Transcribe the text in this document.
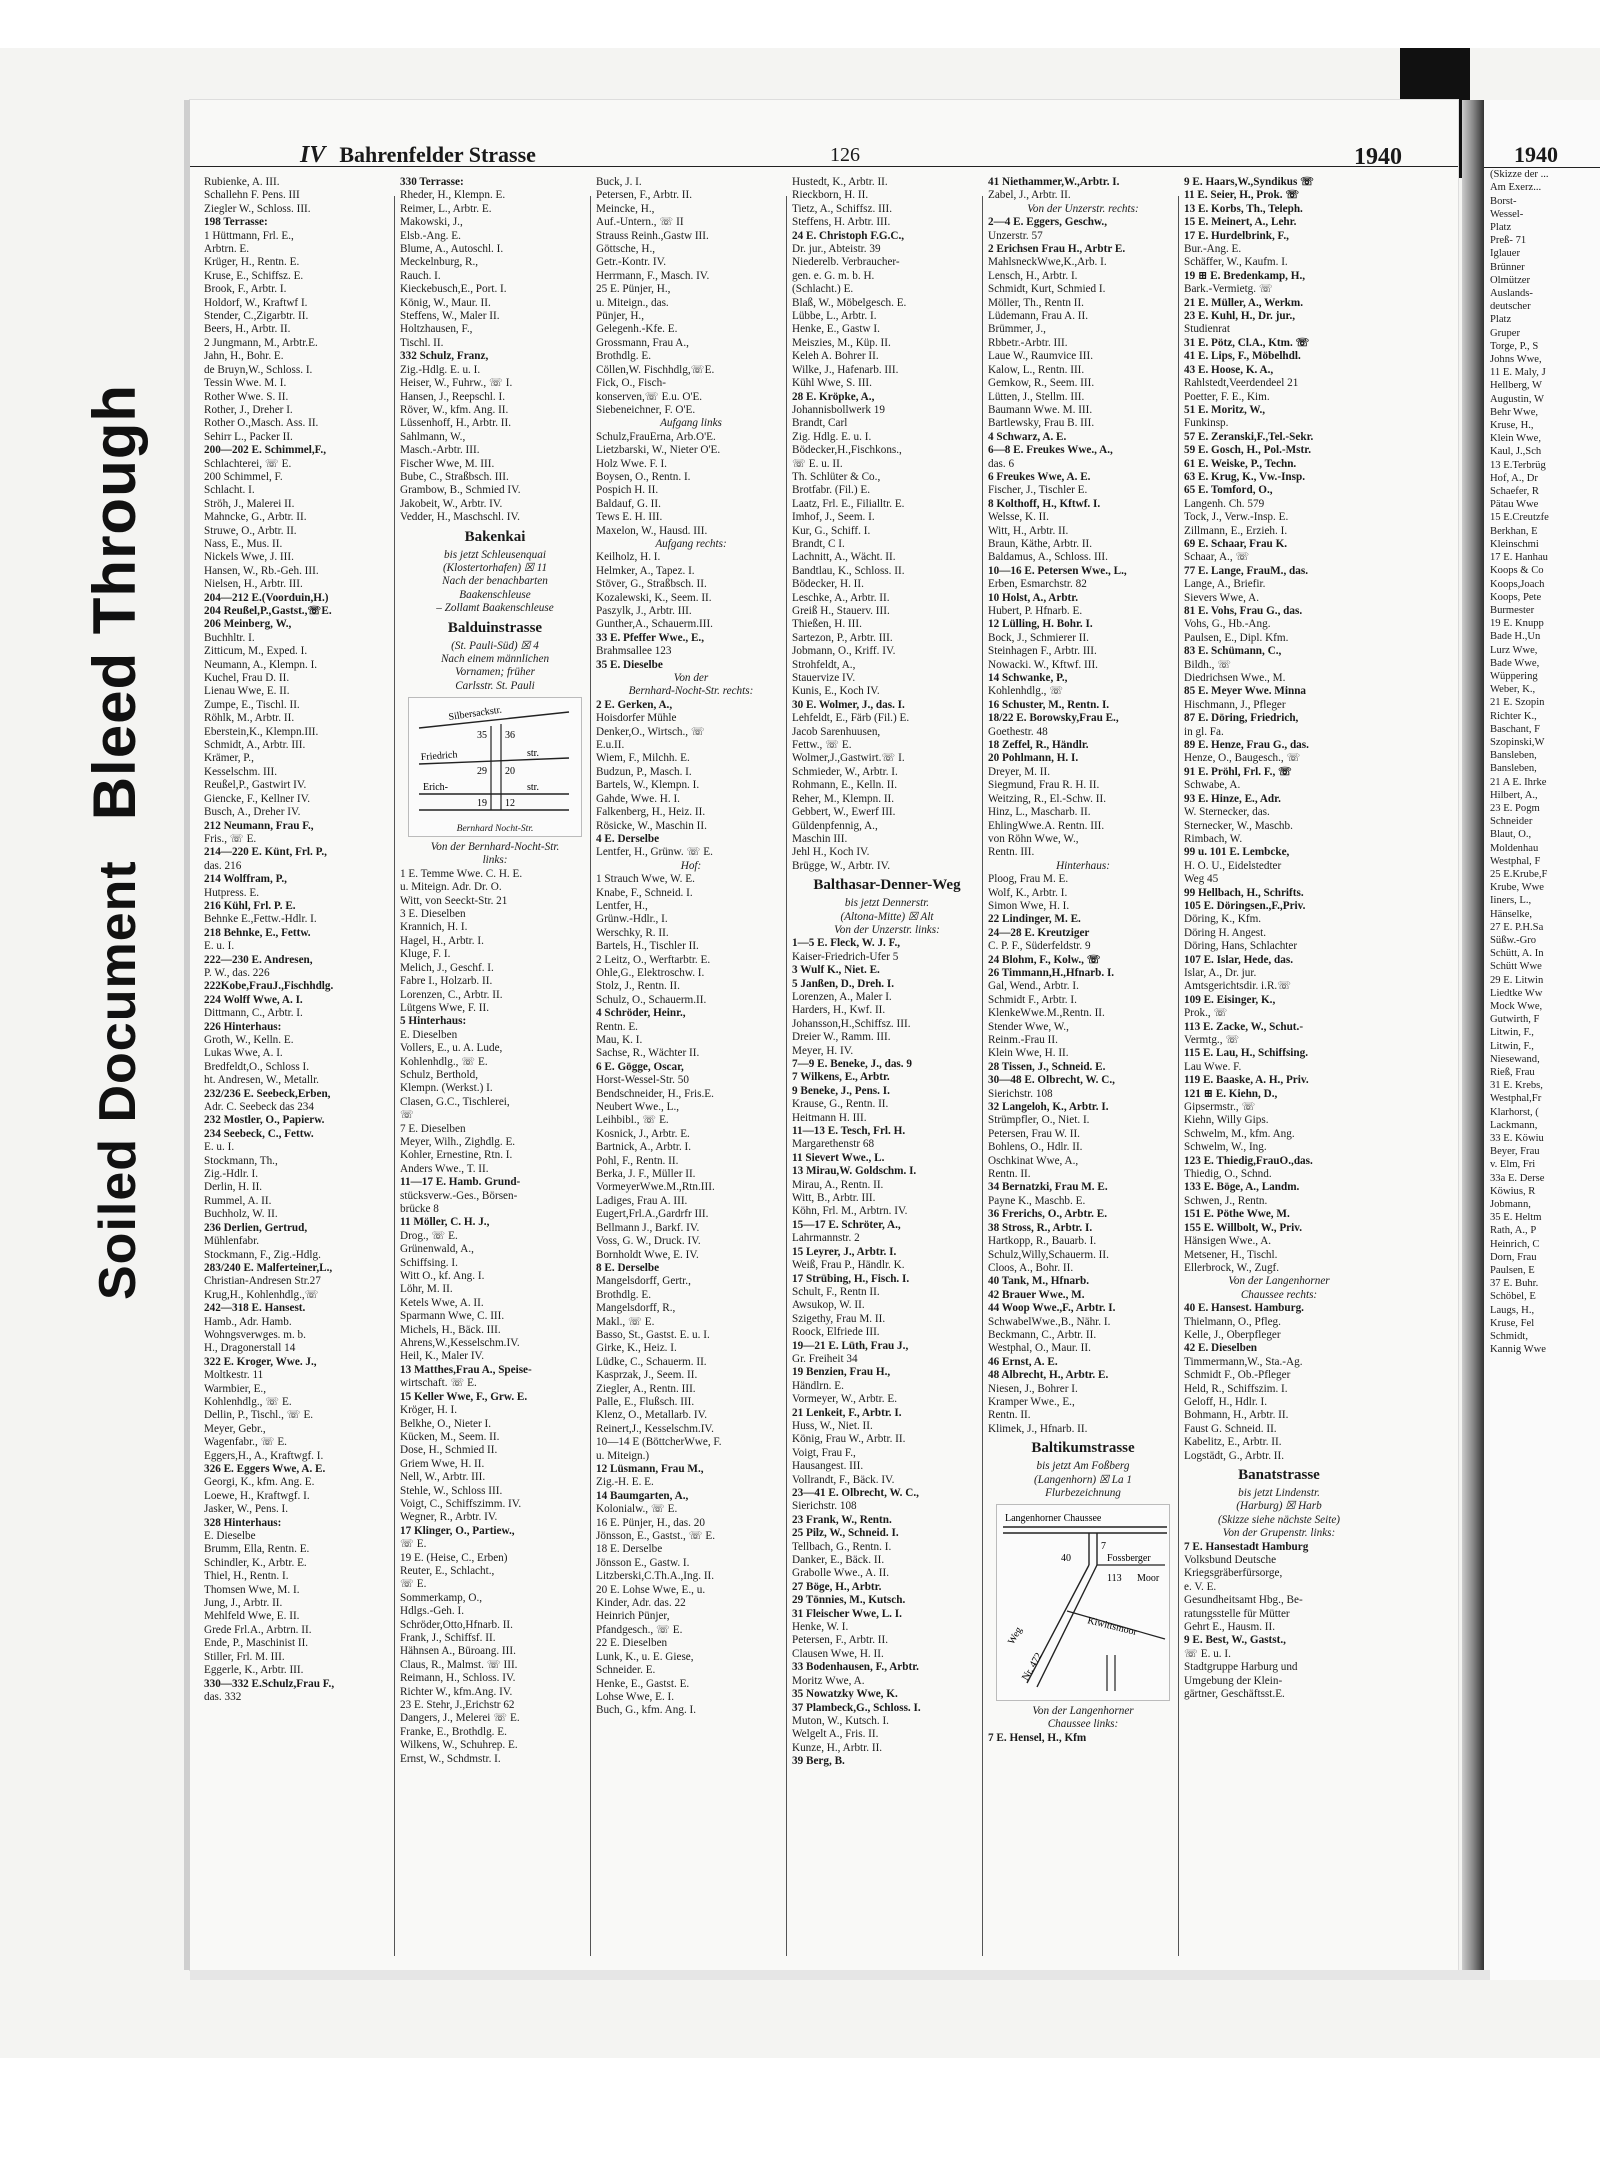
Soiled DocumentBleed Through
IV Bahrenfelder Strasse	126	1940
Rubienke, A. III.
Schallehn F. Pens. III
Ziegler W., Schloss. III.
198 Terrasse:
1 Hüttmann, Frl. E.,
Arbtrn. E.
Krüger, H., Rentn. E.
Kruse, E., Schiffsz. E.
Brook, F., Arbtr. I.
Holdorf, W., Kraftwf I.
Stender, C.,Zigarbtr. II.
Beers, H., Arbtr. II.
2 Jungmann, M., Arbtr.E.
Jahn, H., Bohr. E.
de Bruyn,W., Schloss. I.
Tessin Wwe. M. I.
Rother Wwe. S. II.
Rother, J., Dreher I.
Rother O.,Masch. Ass. II.
Sehirr L., Packer II.
200—202 E. Schimmel,F.,
Schlachterei, ☏ E.
200 Schimmel, F.
Schlacht. I.
Ströh, J., Malerei II.
Mahncke, G., Arbtr. II.
Struwe, O., Arbtr. II.
Nass, E., Mus. II.
Nickels Wwe, J. III.
Hansen, W., Rb.-Geh. III.
Nielsen, H., Arbtr. III.
204—212 E.(Voorduin,H.)
204 Reußel,P.,Gastst.,☏E.
206 Meinberg, W.,
Buchhltr. I.
Zitticum, M., Exped. I.
Neumann, A., Klempn. I.
Kuchel, Frau D. II.
Lienau Wwe, E. II.
Zumpe, E., Tischl. II.
Röhlk, M., Arbtr. II.
Eberstein,K., Klempn.III.
Schmidt, A., Arbtr. III.
Krämer, P.,
Kesselschm. III.
Reußel,P., Gastwirt IV.
Giencke, F., Kellner IV.
Busch, A., Dreher IV.
212 Neumann, Frau F.,
Fris., ☏ E.
214—220 E. Künt, Frl. P.,
das. 216
214 Wolffram, P.,
Hutpress. E.
216 Kühl, Frl. P. E.
Behnke E.,Fettw.-Hdlr. I.
218 Behnke, E., Fettw.
E. u. I.
222—230 E. Andresen,
P. W., das. 226
222Kobe,FrauJ.,Fischhdlg.
224 Wolff Wwe, A. I.
Dittmann, C., Arbtr. I.
226 Hinterhaus:
Groth, W., Kelln. E.
Lukas Wwe, A. I.
Bredfeldt,O., Schloss I.
ht. Andresen, W., Metallr.
232/236 E. Seebeck,Erben,
Adr. C. Seebeck das 234
232 Mostler, O., Papierw.
234 Seebeck, C., Fettw.
E. u. I.
Stockmann, Th.,
Zig.-Hdlr. I.
Derlin, H. II.
Rummel, A. II.
Buchholz, W. II.
236 Derlien, Gertrud,
Mühlenfabr.
Stockmann, F., Zig.-Hdlg.
283/240 E. Malferteiner,L.,
Christian-Andresen Str.27
Krug,H., Kohlenhdlg.,☏
242—318 E. Hansest.
Hamb., Adr. Hamb.
Wohngsverwges. m. b.
H., Dragonerstall 14
322 E. Kroger, Wwe. J.,
Moltkestr. 11
Warmbier, E.,
Kohlenhdlg., ☏ E.
Dellin, P., Tischl., ☏ E.
Meyer, Gebr.,
Wagenfabr., ☏ E.
Eggers,H., A., Kraftwgf. I.
326 E. Eggers Wwe, A. E.
Georgi, K., kfm. Ang. E.
Loewe, H., Kraftwgf. I.
Jasker, W., Pens. I.
328 Hinterhaus:
E. Dieselbe
Brumm, Ella, Rentn. E.
Schindler, K., Arbtr. E.
Thiel, H., Rentn. I.
Thomsen Wwe, M. I.
Jung, J., Arbtr. II.
Mehlfeld Wwe, E. II.
Grede Frl.A., Arbtrn. II.
Ende, P., Maschinist II.
Stiller, Frl. M. III.
Eggerle, K., Arbtr. III.
330—332 E.Schulz,Frau F.,
das. 332
330 Terrasse:
Rheder, H., Klempn. E.
Reimer, L., Arbtr. E.
Makowski, J.,
Elsb.-Ang. E.
Blume, A., Autoschl. I.
Meckelnburg, R.,
Rauch. I.
Kieckebusch,E., Port. I.
König, W., Maur. II.
Steffens, W., Maler II.
Holtzhausen, F.,
Tischl. II.
332 Schulz, Franz,
Zig.-Hdlg. E. u. I.
Heiser, W., Fuhrw., ☏ I.
Hansen, J., Reepschl. I.
Röver, W., kfm. Ang. II.
Lüssenhoff, H., Arbtr. II.
Sahlmann, W.,
Masch.-Arbtr. III.
Fischer Wwe, M. III.
Bube, C., Straßbsch. III.
Grambow, B., Schmied IV.
Jakobeit, W., Arbtr. IV.
Vedder, H., Maschschl. IV.
Bakenkai
bis jetzt Schleusenquai
(Klostertorhafen) ☒ 11
Nach der benachbarten
Baakenschleuse
– Zollamt Baakenschleuse
Balduinstrasse
(St. Pauli-Süd) ☒ 4
Nach einem männlichen
Vornamen; früher
Carlsstr. St. Pauli
Silbersackstr.
35 36
Friedrich	str.
29 20
Erich-	str.
19 12
Bernhard Nocht-Str.
Von der Bernhard-Nocht-Str.
links:
1 E. Temme Wwe. C. H. E.
u. Miteign. Adr. Dr. O.
Witt, von Seeckt-Str. 21
3 E. Dieselben
Krannich, H. I.
Hagel, H., Arbtr. I.
Kluge, F. I.
Melich, J., Geschf. I.
Fabre I., Holzarb. II.
Lorenzen, C., Arbtr. II.
Lütgens Wwe, F. II.
5 Hinterhaus:
E. Dieselben
Vollers, E., u. A. Lude,
Kohlenhdlg., ☏ E.
Schulz, Berthold,
Klempn. (Werkst.) I.
Clasen, G.C., Tischlerei,
☏
7 E. Dieselben
Meyer, Wilh., Zighdlg. E.
Kohler, Ernestine, Rtn. I.
Anders Wwe., T. II.
11—17 E. Hamb. Grund-
stücksverw.-Ges., Börsen-
brücke 8
11 Möller, C. H. J.,
Drog., ☏ E.
Grünenwald, A.,
Schiffsing. I.
Witt O., kf. Ang. I.
Löhr, M. II.
Ketels Wwe, A. II.
Sparmann Wwe, C. III.
Michels, H., Bäck. III.
Ahrens,W.,Kesselschm.IV.
Heil, K., Maler IV.
13 Matthes,Frau A., Speise-
wirtschaft. ☏ E.
15 Keller Wwe, F., Grw. E.
Kröger, H. I.
Belkhe, O., Nieter I.
Kücken, M., Seem. II.
Dose, H., Schmied II.
Griem Wwe, H. II.
Nell, W., Arbtr. III.
Stehle, W., Schloss III.
Voigt, C., Schiffszimm. IV.
Wegner, R., Arbtr. IV.
17 Klinger, O., Partiew.,
☏ E.
19 E. (Heise, C., Erben)
Reuter, E., Schlacht.,
☏ E.
Sommerkamp, O.,
Hdlgs.-Geh. I.
Schröder,Otto,Hfnarb. II.
Frank, J., Schiffsf. II.
Hähnsen A., Büroang. III.
Claus, R., Malmst. ☏ III.
Reimann, H., Schloss. IV.
Richter W., kfm.Ang. IV.
23 E. Stehr, J.,Erichstr 62
Dangers, J., Melerei ☏ E.
Franke, E., Brothdlg. E.
Wilkens, W., Schuhrep. E.
Ernst, W., Schdmstr. I.
Buck, J. I.
Petersen, F., Arbtr. II.
Meincke, H.,
Auf.-Untern., ☏ II
Strauss Reinh.,Gastw III.
Göttsche, H.,
Getr.-Kontr. IV.
Herrmann, F., Masch. IV.
25 E. Pünjer, H.,
u. Miteign., das.
Pünjer, H.,
Gelegenh.-Kfe. E.
Grossmann, Frau A.,
Brothdlg. E.
Cöllen,W. Fischhdlg,☏E.
Fick, O., Fisch-
konserven,☏ E.u. O'E.
Siebeneichner, F. O'E.
Aufgang links
Schulz,FrauErna, Arb.O'E.
Lietzbarski, W., Nieter O'E.
Holz Wwe. F. I.
Boysen, O., Rentn. I.
Pospich H. II.
Baldauf, G. II.
Tews E. H. III.
Maxelon, W., Hausd. III.
Aufgang rechts:
Keilholz, H. I.
Helmker, A., Tapez. I.
Stöver, G., Straßbsch. II.
Kozalewski, K., Seem. II.
Paszylk, J., Arbtr. III.
Gunther,A., Schauerm.III.
33 E. Pfeffer Wwe., E.,
Brahmsallee 123
35 E. Dieselbe
Von der
Bernhard-Nocht-Str. rechts:
2 E. Gerken, A.,
Hoisdorfer Mühle
Denker,O., Wirtsch., ☏
E.u.II.
Wiem, F., Milchh. E.
Budzun, P., Masch. I.
Bartels, W., Klempn. I.
Gahde, Wwe. H. I.
Falkenberg, H., Heiz. II.
Rösicke, W., Maschin II.
4 E. Derselbe
Lentfer, H., Grünw. ☏ E.
Hof:
1 Strauch Wwe, W. E.
Knabe, F., Schneid. I.
Lentfer, H.,
Grünw.-Hdlr., I.
Werschky, R. II.
Bartels, H., Tischler II.
2 Leitz, O., Werftarbtr. E.
Ohle,G., Elektroschw. I.
Stolz, J., Rentn. II.
Schulz, O., Schauerm.II.
4 Schröder, Heinr.,
Rentn. E.
Mau, K. I.
Sachse, R., Wächter II.
6 E. Gögge, Oscar,
Horst-Wessel-Str. 50
Bendschneider, H., Fris.E.
Neubert Wwe., L.,
Leihbibl., ☏ E.
Kosnick, J., Arbtr. E.
Bartnick, A., Arbtr. I.
Pohl, F., Rentn. II.
Berka, J. F., Müller II.
VormeyerWwe.M.,Rtn.III.
Ladiges, Frau A. III.
Eugert,Frl.A.,Gardrfr III.
Bellmann J., Barkf. IV.
Voss, G. W., Druck. IV.
Bornholdt Wwe, E. IV.
8 E. Derselbe
Mangelsdorff, Gertr.,
Brothdlg. E.
Mangelsdorff, R.,
Makl., ☏ E.
Basso, St., Gastst. E. u. I.
Girke, K., Heiz. I.
Lüdke, C., Schauerm. II.
Kasprzak, J., Seem. II.
Ziegler, A., Rentn. III.
Palle, E., Flußsch. III.
Klenz, O., Metallarb. IV.
Reinert,J., Kesselschm.IV.
10—14 E (BöttcherWwe, F.
u. Miteign.)
12 Lüsmann, Frau M.,
Zig.-H. E. E.
14 Baumgarten, A.,
Kolonialw., ☏ E.
16 E. Pünjer, H., das. 20
Jönsson, E., Gastst., ☏ E.
18 E. Derselbe
Jönsson E., Gastw. I.
Litzberski,C.Th.A.,Ing. II.
20 E. Lohse Wwe, E., u.
Kinder, Adr. das. 22
Heinrich Pünjer,
Pfandgesch., ☏ E.
22 E. Dieselben
Lunk, K., u. E. Giese,
Schneider. E.
Henke, E., Gastst. E.
Lohse Wwe, E. I.
Buch, G., kfm. Ang. I.
Hustedt, K., Arbtr. II.
Rieckborn, H. II.
Tietz, A., Schiffsz. III.
Steffens, H. Arbtr. III.
24 E. Christoph F.G.C.,
Dr. jur., Abteistr. 39
Niederelb. Verbraucher-
gen. e. G. m. b. H.
(Schlacht.) E.
Blaß, W., Möbelgesch. E.
Lübbe, L., Arbtr. I.
Henke, E., Gastw I.
Meiszies, M., Küp. II.
Keleh A. Bohrer II.
Wilke, J., Hafenarb. III.
Kühl Wwe, S. III.
28 E. Kröpke, A.,
Johannisbollwerk 19
Brandt, Carl
Zig. Hdlg. E. u. I.
Bödecker,H.,Fischkons.,
☏ E. u. II.
Th. Schlüter & Co.,
Brotfabr. (Fil.) E.
Laatz, Frl. E., Filialltr. E.
Imhof, J., Seem. I.
Kur, G., Schiff. I.
Brandt, C I.
Lachnitt, A., Wächt. II.
Bandtlau, K., Schloss. II.
Bödecker, H. II.
Leschke, A., Arbtr. II.
Greiß H., Stauerv. III.
Thießen, H. III.
Sartezon, P., Arbtr. III.
Jobmann, O., Kriff. IV.
Strohfeldt, A.,
Stauervize IV.
Kunis, E., Koch IV.
30 E. Wolmer, J., das. I.
Lehfeldt, E., Färb (Fil.) E.
Jacob Sarenhuusen,
Fettw., ☏ E.
Wolmer,J.,Gastwirt.☏ I.
Schmieder, W., Arbtr. I.
Rohmann, E., Kelln. II.
Reher, M., Klempn. II.
Gebbert, W., Ewerf III.
Güldenpfennig, A.,
Maschin III.
Jehl H., Koch IV.
Brügge, W., Arbtr. IV.
Balthasar-Denner-Weg
bis jetzt Dennerstr.
(Altona-Mitte) ☒ Alt
Von der Unzerstr. links:
1—5 E. Fleck, W. J. F.,
Kaiser-Friedrich-Ufer 5
3 Wulf K., Niet. E.
5 Janßen, D., Dreh. I.
Lorenzen, A., Maler I.
Harders, H., Kwf. II.
Johansson,H.,Schiffsz. III.
Dreier W., Ramm. III.
Meyer, H. IV.
7—9 E. Beneke, J., das. 9
7 Wilkens, E., Arbtr.
9 Beneke, J., Pens. I.
Krause, G., Rentn. II.
Heitmann H. III.
11—13 E. Tesch, Frl. H.
Margarethenstr 68
11 Sievert Wwe., L.
13 Mirau,W. Goldschm. I.
Mirau, A., Rentn. II.
Witt, B., Arbtr. III.
Köhn, Frl. M., Arbtrn. IV.
15—17 E. Schröter, A.,
Lahrmannstr. 2
15 Leyrer, J., Arbtr. I.
Weiß, Frau P., Händlr. K.
17 Strübing, H., Fisch. I.
Schult, F., Rentn II.
Awsukop, W. II.
Szigethy, Frau M. II.
Roock, Elfriede III.
19—21 E. Lüth, Frau J.,
Gr. Freiheit 34
19 Benzien, Frau H.,
Händlrn. E.
Vormeyer, W., Arbtr. E.
21 Lenkeit, F., Arbtr. I.
Huss, W., Niet. II.
König, Frau W., Arbtr. II.
Voigt, Frau F.,
Hausangest. III.
Vollrandt, F., Bäck. IV.
23—41 E. Olbrecht, W. C.,
Sierichstr. 108
23 Frank, W., Rentn.
25 Pilz, W., Schneid. I.
Tellbach, G., Rentn. I.
Danker, E., Bäck. II.
Grabolle Wwe., A. II.
27 Böge, H., Arbtr.
29 Tönnies, M., Kutsch.
31 Fleischer Wwe, L. I.
Henke, W. I.
Petersen, F., Arbtr. II.
Clausen Wwe, H. II.
33 Bodenhausen, F., Arbtr.
Moritz Wwe, A.
35 Nowatzky Wwe, K.
37 Plambeck,G., Schloss. I.
Muton, W., Kutsch. I.
Welgelt A., Fris. II.
Kunze, H., Arbtr. II.
39 Berg, B.
41 Niethammer,W.,Arbtr. I.
Zabel, J., Arbtr. II.
Von der Unzerstr. rechts:
2—4 E. Eggers, Geschw.,
Unzerstr. 57
2 Erichsen Frau H., Arbtr E.
MahlsneckWwe,K.,Arb. I.
Lensch, H., Arbtr. I.
Schmidt, Kurt, Schmied I.
Möller, Th., Rentn II.
Lüdemann, Frau A. II.
Brümmer, J.,
Rbbetr.-Arbtr. III.
Laue W., Raumvice III.
Kalow, L., Rentn. III.
Gemkow, R., Seem. III.
Lütten, J., Stellm. III.
Baumann Wwe. M. III.
Bartlewsky, Frau B. III.
4 Schwarz, A. E.
6—8 E. Freukes Wwe., A.,
das. 6
6 Freukes Wwe, A. E.
Fischer, J., Tischler E.
8 Kolthoff, H., Kftwf. I.
Welsse, K. II.
Witt, H., Arbtr. II.
Braun, Käthe, Arbtr. II.
Baldamus, A., Schloss. III.
10—16 E. Petersen Wwe., L.,
Erben, Esmarchstr. 82
10 Holst, A., Arbtr.
Hubert, P. Hfnarb. E.
12 Lülling, H. Bohr. I.
Bock, J., Schmierer II.
Steinhagen F., Arbtr. III.
Nowacki. W., Kftwf. III.
14 Schwanke, P.,
Kohlenhdlg., ☏
16 Schuster, M., Rentn. I.
18/22 E. Borowsky,Frau E.,
Goethestr. 48
18 Zeffel, R., Händlr.
20 Pohlmann, H. I.
Dreyer, M. II.
Siegmund, Frau R. H. II.
Weitzing, R., El.-Schw. II.
Hinz, L., Mascharb. II.
EhlingWwe.A. Rentn. III.
von Röhn Wwe, W.,
Rentn. III.
Hinterhaus:
Ploog, Frau M. E.
Wolf, K., Arbtr. I.
Simon Wwe, H. I.
22 Lindinger, M. E.
24—28 E. Kreutziger
C. P. F., Süderfeldstr. 9
24 Blohm, F., Kolw., ☏
26 Timmann,H.,Hfnarb. I.
Gal, Wend., Arbtr. I.
Schmidt F., Arbtr. I.
KlenkeWwe.M.,Rentn. II.
Stender Wwe, W.,
Reinm.-Frau II.
Klein Wwe, H. II.
28 Tissen, J., Schneid. E.
30—48 E. Olbrecht, W. C.,
Sierichstr. 108
32 Langeloh, K., Arbtr. I.
Strümpfler, O., Niet. I.
Petersen, Frau W. II.
Bohlens, O., Hdlr. II.
Oschkinat Wwe, A.,
Rentn. II.
34 Bernatzki, Frau M. E.
Payne K., Maschb. E.
36 Frerichs, O., Arbtr. E.
38 Stross, R., Arbtr. I.
Hartkopp, R., Bauarb. I.
Schulz,Willy,Schauerm. II.
Cloos, A., Bohr. II.
40 Tank, M., Hfnarb.
42 Brauer Wwe., M.
44 Woop Wwe.,F., Arbtr. I.
SchwabelWwe.,B., Nähr. I.
Beckmann, C., Arbtr. II.
Westphal, O., Maur. II.
46 Ernst, A. E.
48 Albrecht, H., Arbtr. E.
Niesen, J., Bohrer I.
Kramper Wwe., E.,
Rentn. II.
Klimek, J., Hfnarb. II.
Baltikumstrasse
bis jetzt Am Foßberg
(Langenhorn) ☒ La 1
Flurbezeichnung
Langenhorner Chaussee
7
40	Fossberger
Moor
113
Kiwittsmoor
Weg
Nr. 472
Von der Langenhorner
Chaussee links:
7 E. Hensel, H., Kfm
9 E. Haars,W.,Syndikus ☏
11 E. Seier, H., Prok. ☏
13 E. Korbs, Th., Teleph.
15 E. Meinert, A., Lehr.
17 E. Hurdelbrink, F.,
Bur.-Ang. E.
Schäffer, W., Kaufm. I.
19 ⊞ E. Bredenkamp, H.,
Bark.-Vermietg. ☏
21 E. Müller, A., Werkm.
23 E. Kuhl, H., Dr. jur.,
Studienrat
31 E. Pötz, Cl.A., Ktm. ☏
41 E. Lips, F., Möbelhdl.
43 E. Hoose, K. A.,
Rahlstedt,Veerdendeel 21
Poetter, F. E., Kim.
51 E. Moritz, W.,
Funkinsp.
57 E. Zeranski,F.,Tel.-Sekr.
59 E. Gosch, H., Pol.-Mstr.
61 E. Weiske, P., Techn.
63 E. Krug, K., Vw.-Insp.
65 E. Tomford, O.,
Langenh. Ch. 579
Tock, J., Verw.-Insp. E.
Zillmann, E., Erzieh. I.
69 E. Schaar, Frau K.
Schaar, A., ☏
77 E. Lange, FrauM., das.
Lange, A., Briefir.
Sievers Wwe, A.
81 E. Vohs, Frau G., das.
Vohs, G., Hb.-Ang.
Paulsen, E., Dipl. Kfm.
83 E. Schümann, C.,
Bildh., ☏
Diedrichsen Wwe., M.
85 E. Meyer Wwe. Minna
Hischmann, J., Pfleger
87 E. Döring, Friedrich,
in gl. Fa.
89 E. Henze, Frau G., das.
Henze, O., Baugesch., ☏
91 E. Pröhl, Frl. F., ☏
Schwabe, A.
93 E. Hinze, E., Adr.
W. Sternecker, das.
Sternecker, W., Maschb.
Rimbach, W.
99 u. 101 E. Lembcke,
H. O. U., Eidelstedter
Weg 45
99 Hellbach, H., Schrifts.
105 E. Döringsen.,F.,Priv.
Döring, K., Kfm.
Döring H. Angest.
Döring, Hans, Schlachter
107 E. Islar, Hede, das.
Islar, A., Dr. jur.
Amtsgerichtsdir. i.R.☏
109 E. Eisinger, K.,
Prok., ☏
113 E. Zacke, W., Schut.-
Vermtg., ☏
115 E. Lau, H., Schiffsing.
Lau Wwe. F.
119 E. Baaske, A. H., Priv.
121 ⊞ E. Kiehn, D.,
Gipsermstr., ☏
Kiehn, Willy Gips.
Schwelm, M., kfm. Ang.
Schwelm, W., Ing.
123 E. Thiedig,FrauO.,das.
Thiedig, O., Schnd.
133 E. Böge, A., Landm.
Schwen, J., Rentn.
151 E. Pöthe Wwe, M.
155 E. Willbolt, W., Priv.
Hänsigen Wwe., A.
Metsener, H., Tischl.
Ellerbrock, W., Zugf.
Von der Langenhorner
Chaussee rechts:
40 E. Hansest. Hamburg.
Thielmann, O., Pfleg.
Kelle, J., Oberpfleger
42 E. Dieselben
Timmermann,W., Sta.-Ag.
Schmidt F., Ob.-Pfleger
Held, R., Schiffszim. I.
Geloff, H., Hdlr. I.
Bohmann, H., Arbtr. II.
Faust G. Schneid. II.
Kabelitz, E., Arbtr. II.
Logstädt, G., Arbtr. II.
Banatstrasse
bis jetzt Lindenstr.
(Harburg) ☒ Harb
(Skizze siehe nächste Seite)
Von der Grupenstr. links:
7 E. Hansestadt Hamburg
Volksbund Deutsche
Kriegsgräberfürsorge,
e. V. E.
Gesundheitsamt Hbg., Be-
ratungsstelle für Mütter
Gehrt E., Hausm. II.
9 E. Best, W., Gastst.,
☏ E. u. I.
Stadtgruppe Harburg und
Umgebung der Klein-
gärtner, Geschäftsst.E.
1940
(Skizze der ...
Am Exerz...
Borst-
Wessel-
Platz
Preß- 71
Iglauer
Brünner
Olmützer
Auslands-
deutscher
Platz
Gruper
Torge, P., S
Johns Wwe,
11 E. Maly, J
Hellberg, W
Augustin, W
Behr Wwe,
Kruse, H.,
Klein Wwe,
Kaul, J.,Sch
13 E.Terbrüg
Hof, A., Dr
Schaefer, R
Pätau Wwe
15 E.Creutzfe
Berkhan, E
Kleinschmi
17 E. Hanhau
Koops & Co
Koops,Joach
Koops, Pete
Burmester
19 E. Knupp
Bade H.,Un
Lurz Wwe,
Bade Wwe,
Wüppering
Weber, K.,
21 E. Szopin
Richter K.,
Baschant, F
Szopinski,W
Bansleben,
Bansleben,
21 A E. Ihrke
Hilbert, A.,
23 E. Pogm
Schneider
Blaut, O.,
Moldenhau
Westphal, F
25 E.Krube,F
Krube, Wwe
Iiners, L.,
Hänselke,
27 E. P.H.Sa
Süßw.-Gro
Schütt, A. In
Schütt Wwe
29 E. Litwin
Liedtke Ww
Mock Wwe,
Gutwirth, F
Litwin, F.,
Litwin, F.,
Niesewand,
Rieß, Frau
31 E. Krebs,
Westphal,Fr
Klarhorst, (
Lackmann,
33 E. Köwiu
Beyer, Frau
v. Elm, Fri
33a E. Derse
Köwius, R
Jobmann,
35 E. Heltm
Rath, A., P
Heinrich, C
Dorn, Frau
Paulsen, E
37 E. Buhr.
Schöbel, E
Laugs, H.,
Kruse, Fel
Schmidt,
Kannig Wwe
